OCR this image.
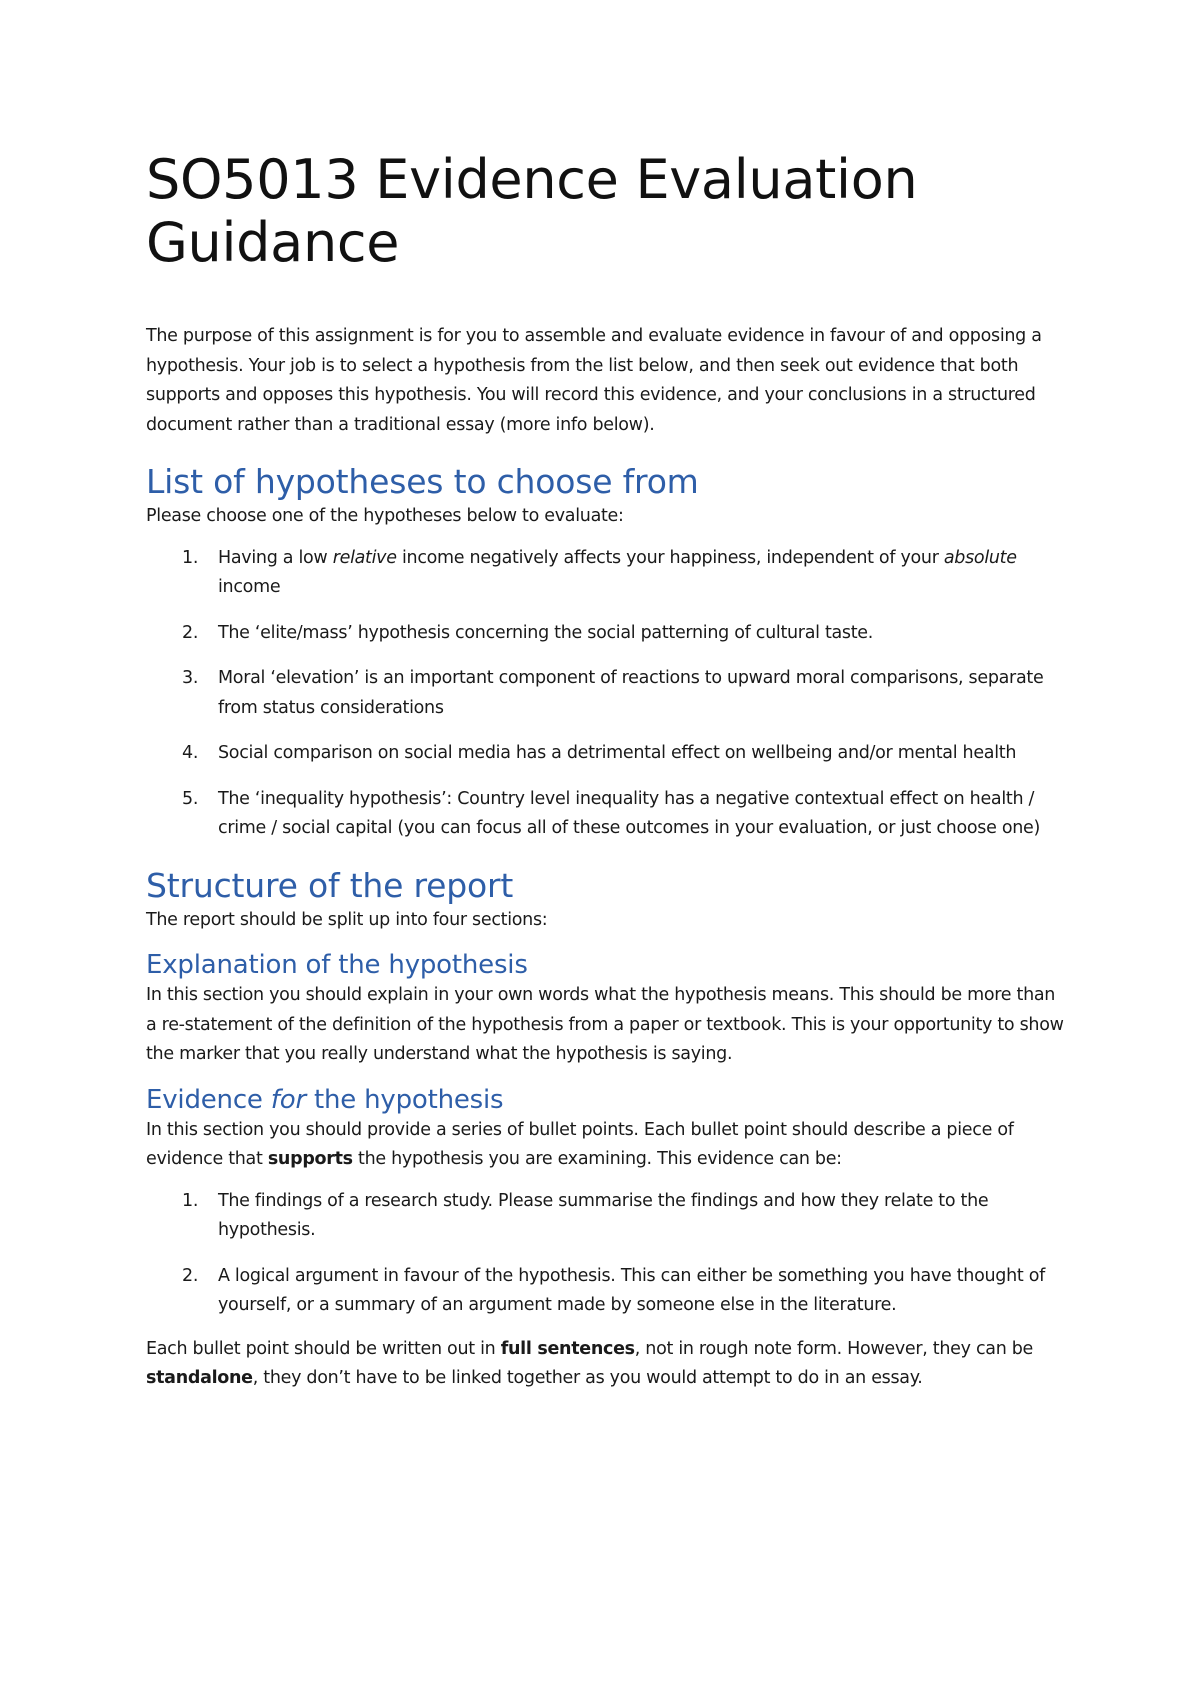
SO5013 Evidence Evaluation Guidance

The purpose of this assignment is for you to assemble and evaluate evidence in favour of and opposing a hypothesis. Your job is to select a hypothesis from the list below, and then seek out evidence that both supports and opposes this hypothesis. You will record this evidence, and your conclusions in a structured document rather than a traditional essay (more info below).

List of hypotheses to choose from

Please choose one of the hypotheses below to evaluate:

1. Having a low relative income negatively affects your happiness, independent of your absolute income
2. The ‘elite/mass’ hypothesis concerning the social patterning of cultural taste.
3. Moral ‘elevation’ is an important component of reactions to upward moral comparisons, separate from status considerations
4. Social comparison on social media has a detrimental effect on wellbeing and/or mental health
5. The ‘inequality hypothesis’: Country level inequality has a negative contextual effect on health / crime / social capital (you can focus all of these outcomes in your evaluation, or just choose one)
Structure of the report

The report should be split up into four sections:

Explanation of the hypothesis

In this section you should explain in your own words what the hypothesis means. This should be more than a re-statement of the definition of the hypothesis from a paper or textbook. This is your opportunity to show the marker that you really understand what the hypothesis is saying.

Evidence for the hypothesis

In this section you should provide a series of bullet points. Each bullet point should describe a piece of evidence that supports the hypothesis you are examining. This evidence can be:

1. The findings of a research study. Please summarise the findings and how they relate to the hypothesis.
2. A logical argument in favour of the hypothesis. This can either be something you have thought of yourself, or a summary of an argument made by someone else in the literature.

Each bullet point should be written out in full sentences, not in rough note form. However, they can be standalone, they don’t have to be linked together as you would attempt to do in an essay.
